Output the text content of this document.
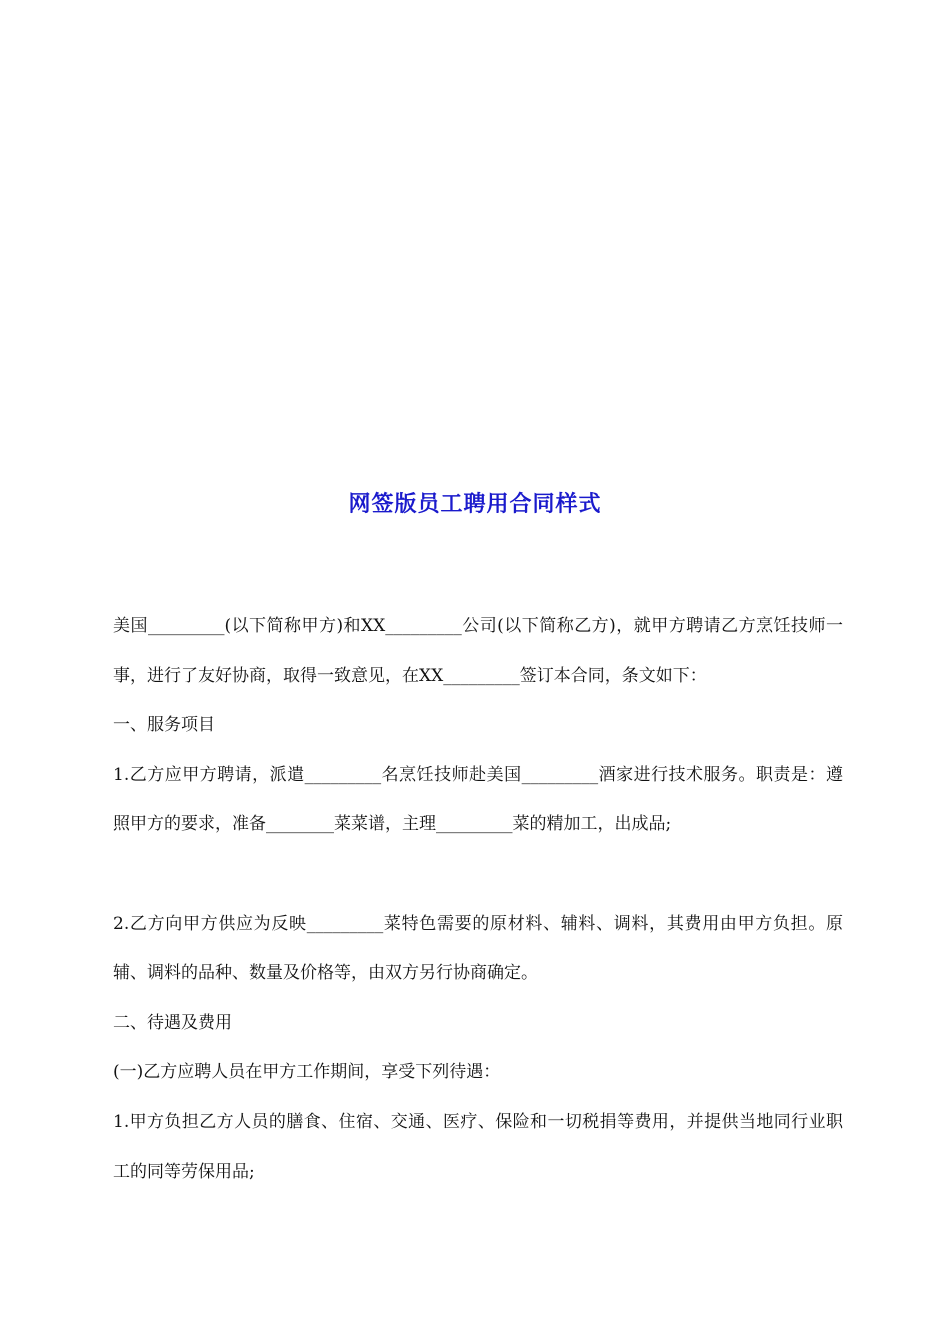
网签版员工聘用合同样式

美国_________(以下简称甲方)和XX_________公司(以下简称乙方)，就甲方聘请乙方烹饪技师一事，进行了友好协商，取得一致意见，在XX_________签订本合同，条文如下：

一、服务项目

1.乙方应甲方聘请，派遣_________名烹饪技师赴美国_________酒家进行技术服务。职责是：遵照甲方的要求，准备________菜菜谱，主理_________菜的精加工，出成品;

2.乙方向甲方供应为反映_________菜特色需要的原材料、辅料、调料，其费用由甲方负担。原辅、调料的品种、数量及价格等，由双方另行协商确定。

二、待遇及费用

(一)乙方应聘人员在甲方工作期间，享受下列待遇：

1.甲方负担乙方人员的膳食、住宿、交通、医疗、保险和一切税捐等费用，并提供当地同行业职工的同等劳保用品;
